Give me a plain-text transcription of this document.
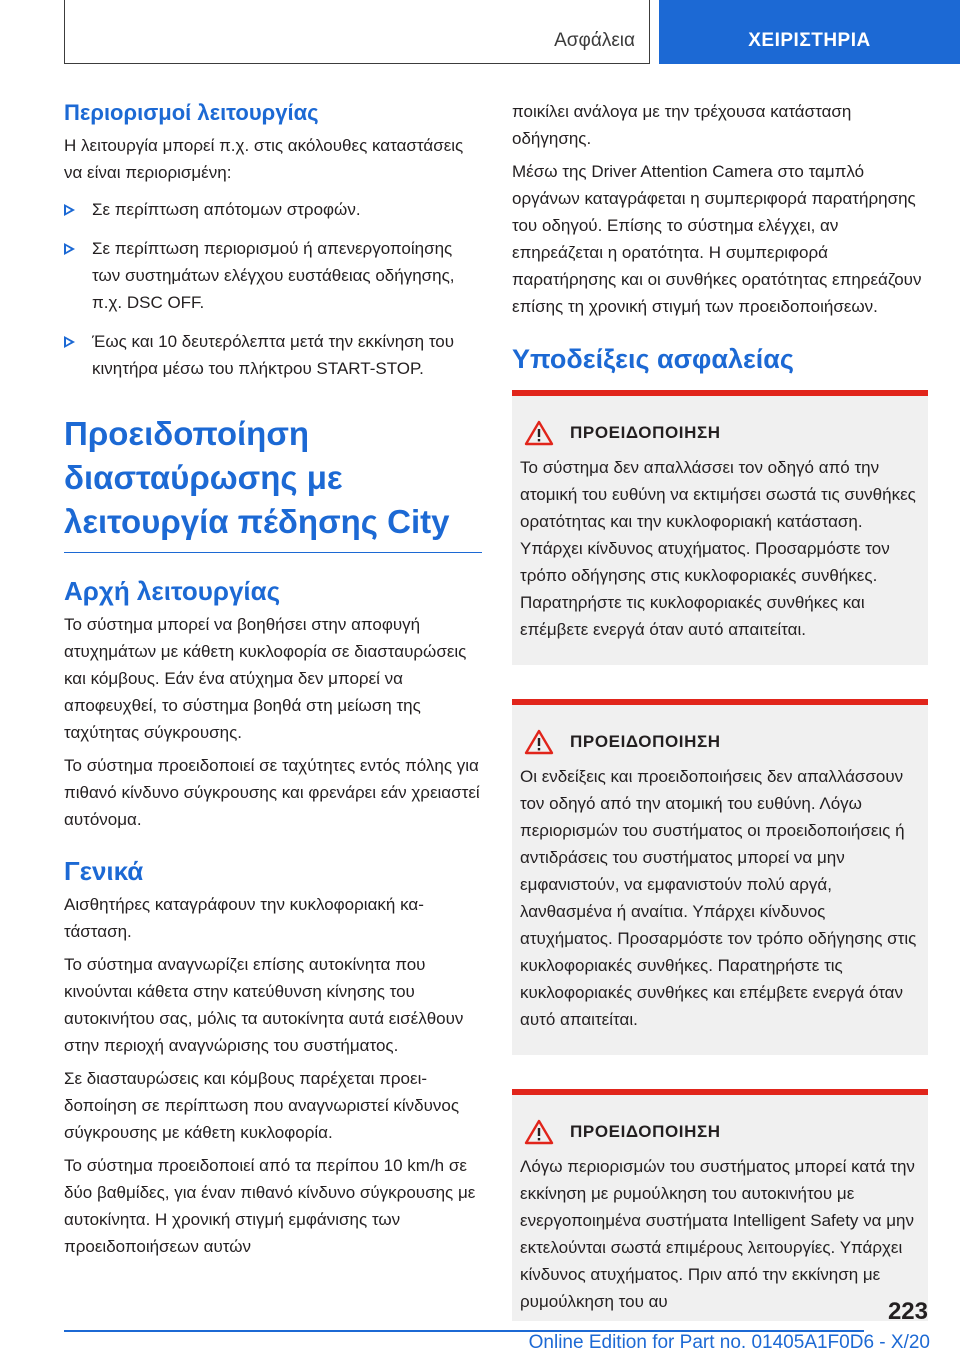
Ασφάλεια	ΧΕΙΡΙΣΤΗΡΙΑ
Περιορισμοί λειτουργίας

Η λειτουργία μπορεί π.χ. στις ακόλουθες καταστάσεις να είναι περιορισμένη:

Σε περίπτωση απότομων στροφών.
Σε περίπτωση περιορισμού ή απενεργοποίησης των συστημάτων ελέγχου ευστάθειας οδήγησης, π.χ. DSC OFF.
Έως και 10 δευτερόλεπτα μετά την εκκίνηση του κινητήρα μέσω του πλήκτρου START-STOP.
Προειδοποίηση διασταύρωσης με λειτουργία πέδησης City
Αρχή λειτουργίας

Το σύστημα μπορεί να βοηθήσει στην αποφυγή ατυχημάτων με κάθετη κυκλοφορία σε διασταυρώσεις και κόμβους. Εάν ένα ατύχημα δεν μπορεί να αποφευχθεί, το σύστημα βοηθά στη μείωση της ταχύτητας σύγκρουσης.

Το σύστημα προειδοποιεί σε ταχύτητες εντός πόλης για πιθανό κίνδυνο σύγκρουσης και φρενάρει εάν χρειαστεί αυτόνομα.

Γενικά

Αισθητήρες καταγράφουν την κυκλοφοριακή κατάσταση.

Το σύστημα αναγνωρίζει επίσης αυτοκίνητα που κινούνται κάθετα στην κατεύθυνση κίνησης του αυτοκινήτου σας, μόλις τα αυτοκίνητα αυτά εισέλθουν στην περιοχή αναγνώρισης του συστήματος.

Σε διασταυρώσεις και κόμβους παρέχεται προειδοποίηση σε περίπτωση που αναγνωριστεί κίνδυνος σύγκρουσης με κάθετη κυκλοφορία.

Το σύστημα προειδοποιεί από τα περίπου 10 km/h σε δύο βαθμίδες, για έναν πιθανό κίνδυνο σύγκρουσης με αυτοκίνητα. Η χρονική στιγμή εμφάνισης των προειδοποιήσεων αυτών

ποικίλει ανάλογα με την τρέχουσα κατάσταση οδήγησης.

Μέσω της Driver Attention Camera στο ταμπλό οργάνων καταγράφεται η συμπεριφορά παρατήρησης του οδηγού. Επίσης το σύστημα ελέγχει, αν επηρεάζεται η ορατότητα. Η συμπεριφορά παρατήρησης και οι συνθήκες ορατότητας επηρεάζουν επίσης τη χρονική στιγμή των προειδοποιήσεων.

Υποδείξεις ασφαλείας
ΠΡΟΕΙΔΟΠΟΙΗΣΗ
Το σύστημα δεν απαλλάσσει τον οδηγό από την ατομική του ευθύνη να εκτιμήσει σωστά τις συνθήκες ορατότητας και την κυκλοφοριακή κατάσταση. Υπάρχει κίνδυνος ατυχήματος. Προσαρμόστε τον τρόπο οδήγησης στις κυκλοφοριακές συνθήκες. Παρατηρήστε τις κυκλοφοριακές συνθήκες και επέμβετε ενεργά όταν αυτό απαιτείται.
ΠΡΟΕΙΔΟΠΟΙΗΣΗ
Οι ενδείξεις και προειδοποιήσεις δεν απαλλάσσουν τον οδηγό από την ατομική του ευθύνη. Λόγω περιορισμών του συστήματος οι προειδοποιήσεις ή αντιδράσεις του συστήματος μπορεί να μην εμφανιστούν, να εμφανιστούν πολύ αργά, λανθασμένα ή αναίτια. Υπάρχει κίνδυνος ατυχήματος. Προσαρμόστε τον τρόπο οδήγησης στις κυκλοφοριακές συνθήκες. Παρατηρήστε τις κυκλοφοριακές συνθήκες και επέμβετε ενεργά όταν αυτό απαιτείται.
ΠΡΟΕΙΔΟΠΟΙΗΣΗ
Λόγω περιορισμών του συστήματος μπορεί κατά την εκκίνηση με ρυμούλκηση του αυτοκινήτου με ενεργοποιημένα συστήματα Intelligent Safety να μην εκτελούνται σωστά επιμέρους λειτουργίες. Υπάρχει κίνδυνος ατυχήματος. Πριν από την εκκίνηση με ρυμούλκηση του αυ	223
Online Edition for Part no. 01405A1F0D6 - X/20
